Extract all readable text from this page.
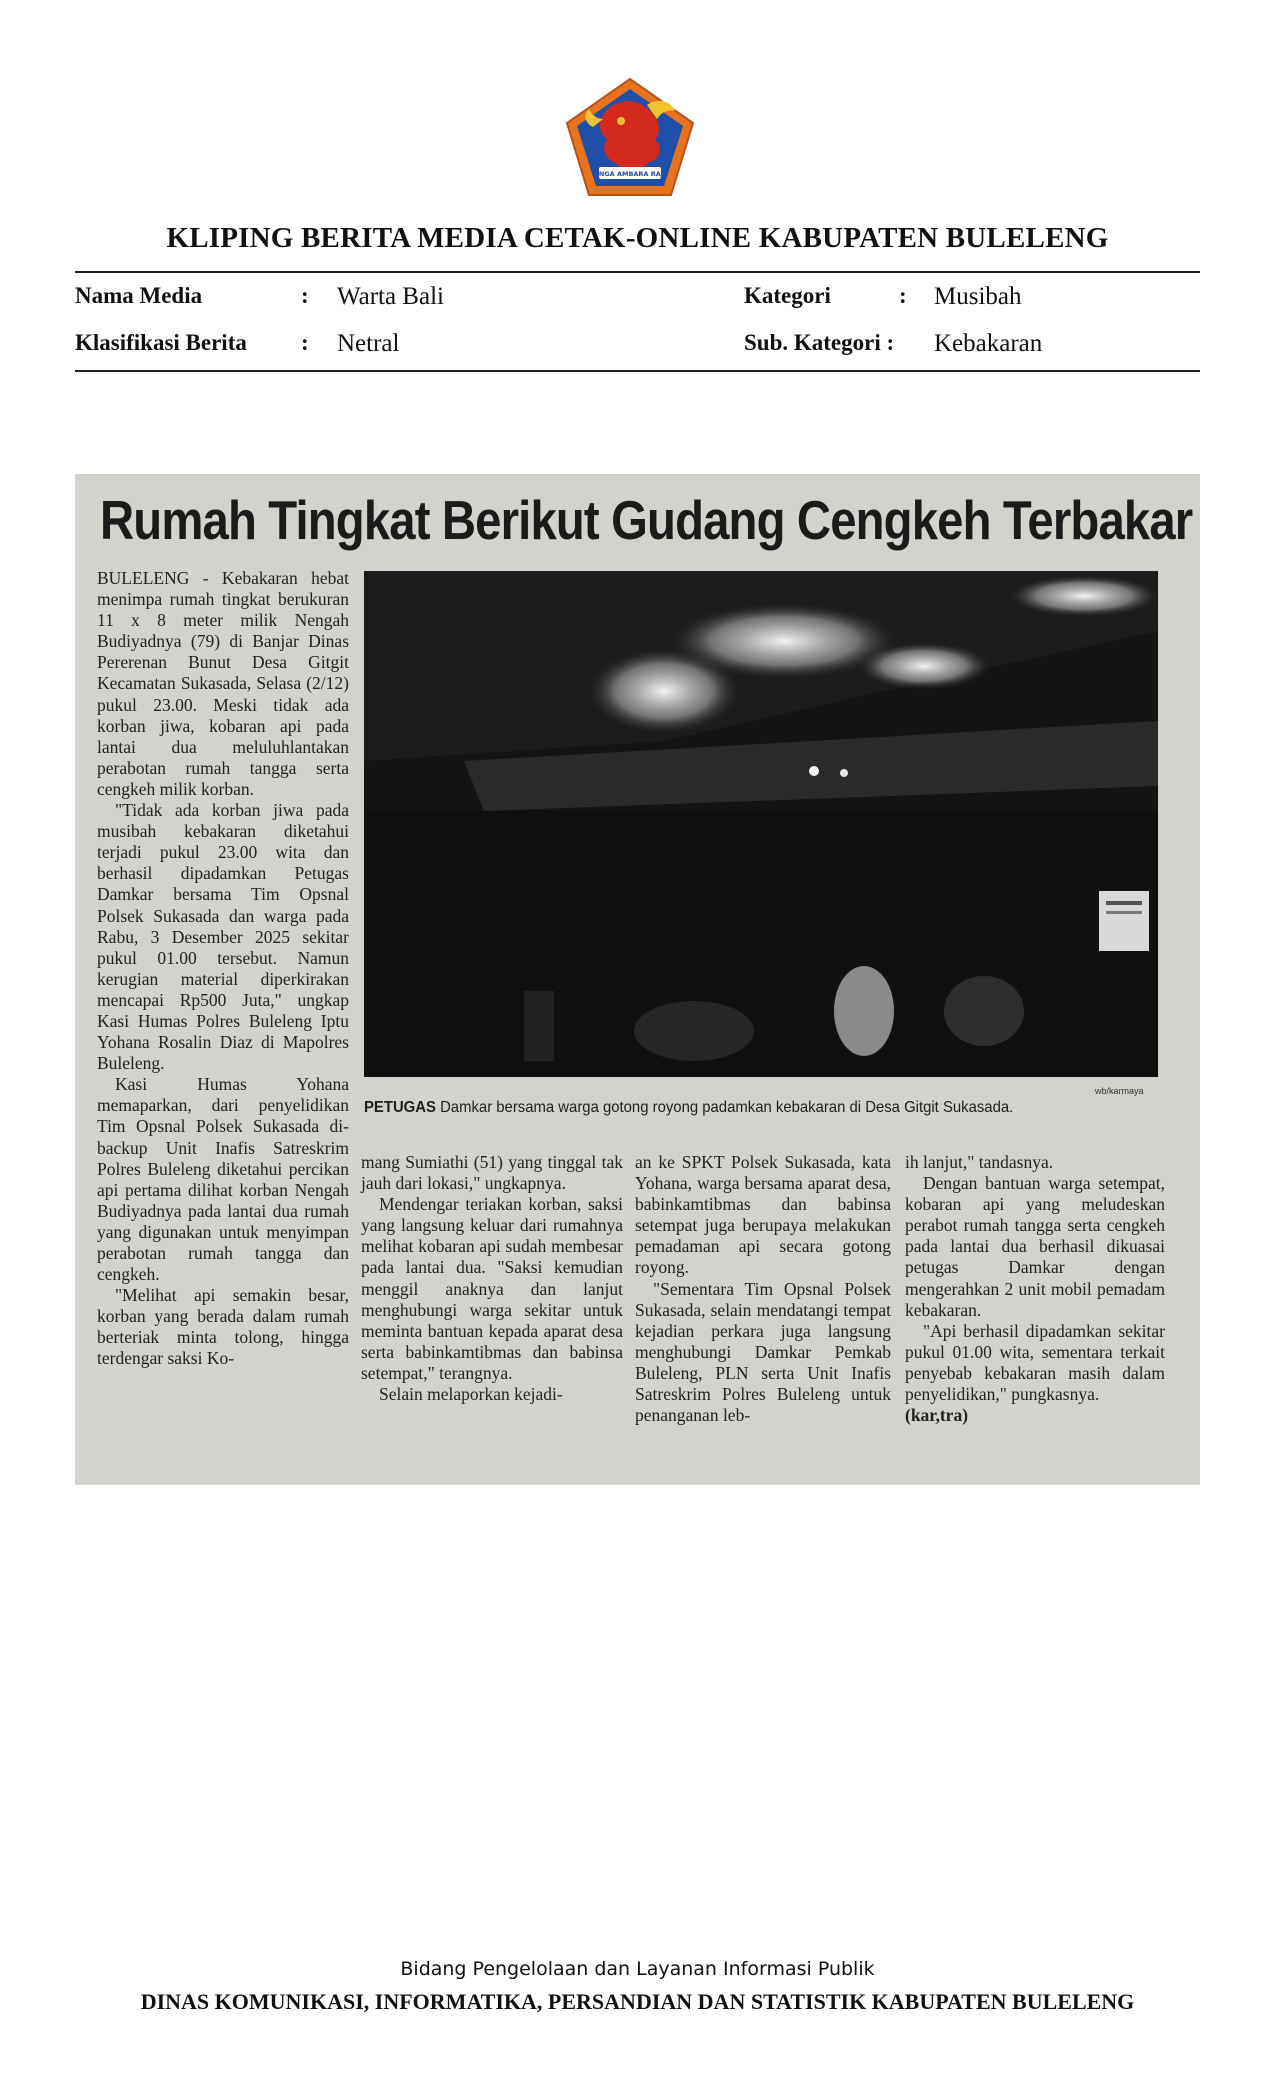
SINGA AMBARA RAJA
KLIPING BERITA MEDIA CETAK-ONLINE KABUPATEN BULELENG
Nama Media	: Warta Bali	Kategori	: Musibah
Klasifikasi Berita : Netral	Sub. Kategori : Kebakaran
Rumah Tingkat Berikut Gudang Cengkeh Terbakar
wb/karmaya
PETUGAS Damkar bersama warga gotong royong padamkan kebakaran di Desa Gitgit Sukasada.

BULELENG - Kebakaran hebat menimpa rumah tingkat berukuran 11 x 8 meter milik Nengah Budiyadnya (79) di Banjar Dinas Pererenan Bunut Desa Gitgit Kecamatan Sukasada, Selasa (2/12) pukul 23.00. Meski tidak ada korban jiwa, kobaran api pada lantai dua meluluhlantakan perabotan rumah tangga serta cengkeh milik korban.

"Tidak ada korban jiwa pada musibah kebakaran diketahui terjadi pukul 23.00 wita dan berhasil dipadamkan Petugas Damkar bersama Tim Opsnal Polsek Sukasada dan warga pada Rabu, 3 Desember 2025 sekitar pukul 01.00 tersebut. Namun kerugian material diperkirakan mencapai Rp500 Juta," ungkap Kasi Humas Polres Buleleng Iptu Yohana Rosalin Diaz di Mapolres Buleleng.

Kasi Humas Yohana memaparkan, dari penyelidikan Tim Opsnal Polsek Sukasada di-backup Unit Inafis Satreskrim Polres Buleleng diketahui percikan api pertama dilihat korban Nengah Budiyadnya pada lantai dua rumah yang digunakan untuk menyimpan perabotan rumah tangga dan cengkeh.

"Melihat api semakin besar, korban yang berada dalam rumah berteriak minta tolong, hingga terdengar saksi Ko-

mang Sumiathi (51) yang tinggal tak jauh dari lokasi," ungkapnya.

Mendengar teriakan korban, saksi yang langsung keluar dari rumahnya melihat kobaran api sudah membesar pada lantai dua. "Saksi kemudian menggil anaknya dan lanjut menghubungi warga sekitar untuk meminta bantuan kepada aparat desa serta babinkamtibmas dan babinsa setempat," terangnya.

Selain melaporkan kejadi-

an ke SPKT Polsek Sukasada, kata Yohana, warga bersama aparat desa, babinkamtibmas dan babinsa setempat juga berupaya melakukan pemadaman api secara gotong royong.

"Sementara Tim Opsnal Polsek Sukasada, selain mendatangi tempat kejadian perkara juga langsung menghubungi Damkar Pemkab Buleleng, PLN serta Unit Inafis Satreskrim Polres Buleleng untuk penanganan leb-

ih lanjut," tandasnya.

Dengan bantuan warga setempat, kobaran api yang meludeskan perabot rumah tangga serta cengkeh pada lantai dua berhasil dikuasai petugas Damkar dengan mengerahkan 2 unit mobil pemadam kebakaran.

"Api berhasil dipadamkan sekitar pukul 01.00 wita, sementara terkait penyebab kebakaran masih dalam penyelidikan," pungkasnya.

(kar,tra)

Bidang Pengelolaan dan Layanan Informasi Publik
DINAS KOMUNIKASI, INFORMATIKA, PERSANDIAN DAN STATISTIK KABUPATEN BULELENG
